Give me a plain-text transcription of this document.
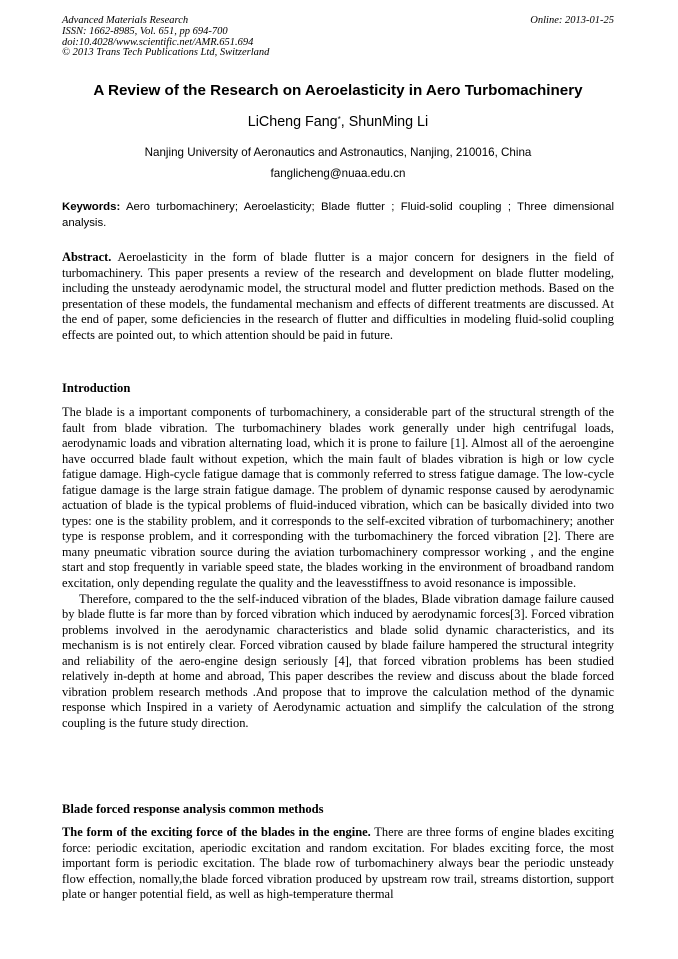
Advanced Materials Research
ISSN: 1662-8985, Vol. 651, pp 694-700
doi:10.4028/www.scientific.net/AMR.651.694
© 2013 Trans Tech Publications Ltd, Switzerland
Online: 2013-01-25
A Review of the Research on Aeroelasticity in Aero Turbomachinery
LiCheng Fang*, ShunMing Li
Nanjing University of Aeronautics and Astronautics, Nanjing, 210016, China
fanglicheng@nuaa.edu.cn
Keywords: Aero turbomachinery; Aeroelasticity; Blade flutter ; Fluid-solid coupling ; Three dimensional analysis.
Abstract. Aeroelasticity in the form of blade flutter is a major concern for designers in the field of turbomachinery. This paper presents a review of the research and development on blade flutter modeling, including the unsteady aerodynamic model, the structural model and flutter prediction methods. Based on the presentation of these models, the fundamental mechanism and effects of different treatments are discussed. At the end of paper, some deficiencies in the research of flutter and difficulties in modeling fluid-solid coupling effects are pointed out, to which attention should be paid in future.
Introduction

The blade is a important components of turbomachinery, a considerable part of the structural strength of the fault from blade vibration. The turbomachinery blades work generally under high centrifugal loads, aerodynamic loads and vibration alternating load, which it is prone to failure [1]. Almost all of the aeroengine have occurred blade fault without expetion, which the main fault of blades vibration is high or low cycle fatigue damage. High-cycle fatigue damage that is commonly referred to stress fatigue damage. The low-cycle fatigue damage is the large strain fatigue damage. The problem of dynamic response caused by aerodynamic actuation of blade is the typical problems of fluid-induced vibration, which can be basically divided into two types: one is the stability problem, and it corresponds to the self-excited vibration of turbomachinery; another type is response problem, and it corresponding with the turbomachinery the forced vibration [2]. There are many pneumatic vibration source during the aviation turbomachinery compressor working , and the engine start and stop frequently in variable speed state, the blades working in the environment of broadband random excitation, only depending regulate the quality and the leavesstiffness to avoid resonance is impossible.

Therefore, compared to the the self-induced vibration of the blades, Blade vibration damage failure caused by blade flutte is far more than by forced vibration which induced by aerodynamic forces[3]. Forced vibration problems involved in the aerodynamic characteristics and blade solid dynamic characteristics, and its mechanism is is not entirely clear. Forced vibration caused by blade failure hampered the structural integrity and reliability of the aero-engine design seriously [4], that forced vibration problems has been studied relatively in-depth at home and abroad, This paper describes the review and discuss about the blade forced vibration problem research methods .And propose that to improve the calculation method of the dynamic response which Inspired in a variety of Aerodynamic actuation and simplify the calculation of the strong coupling is the future study direction.

Blade forced response analysis common methods
The form of the exciting force of the blades in the engine. There are three forms of engine blades exciting force: periodic excitation, aperiodic excitation and random excitation. For blades exciting force, the most important form is periodic excitation. The blade row of turbomachinery always bear the periodic unsteady flow effection, nomally,the blade forced vibration produced by upstream row trail, streams distortion, support plate or hanger potential field, as well as high-temperature thermal
